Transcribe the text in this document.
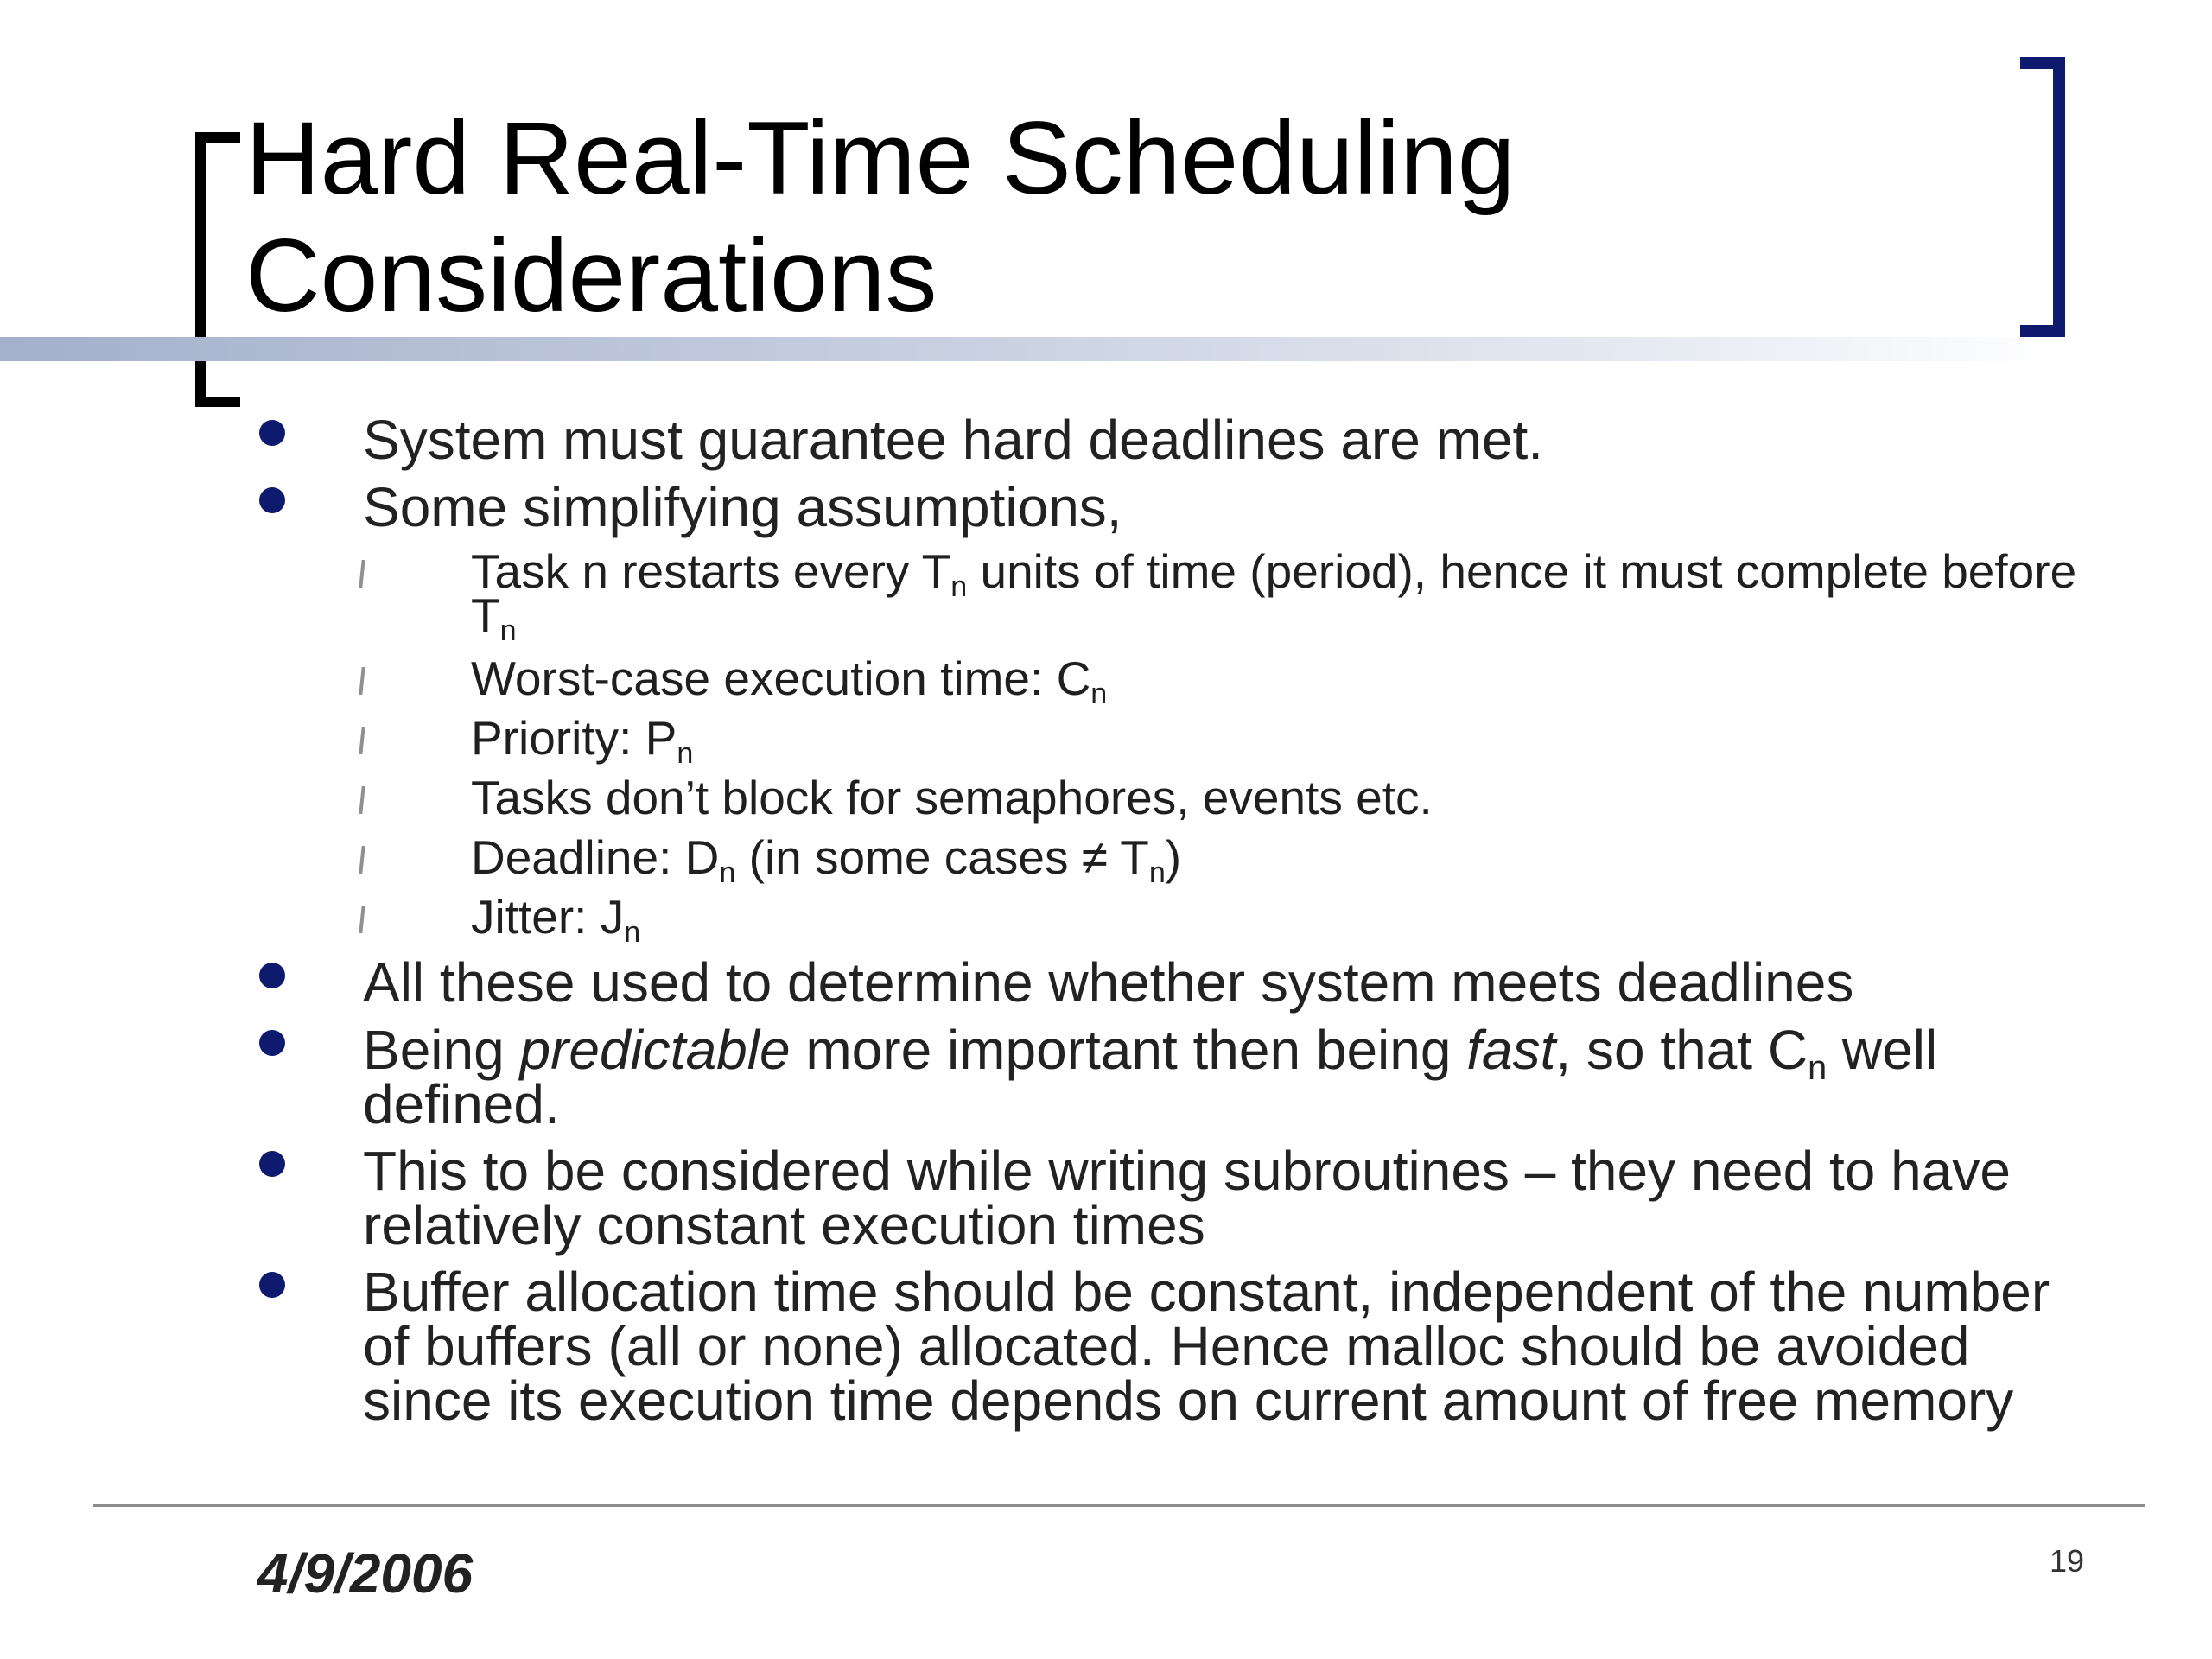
Hard Real-Time Scheduling
Considerations
System must guarantee hard deadlines are met.
Some simplifying assumptions,
Task n restarts every $T_n$ units of time (period), hence it must complete before $T_n$
Worst-case execution time: $C_n$
Priority: $P_n$
Tasks don’t block for semaphores, events etc.
Deadline: $D_n$ (in some cases ≠ $T_n$)
Jitter: $J_n$
All these used to determine whether system meets deadlines
Being predictable more important then being fast, so that $C_n$ well defined.
This to be considered while writing subroutines – they need to have relatively constant execution times
Buffer allocation time should be constant, independent of the number of buffers (all or none) allocated. Hence malloc should be avoided since its execution time depends on current amount of free memory
4/9/2006	19
